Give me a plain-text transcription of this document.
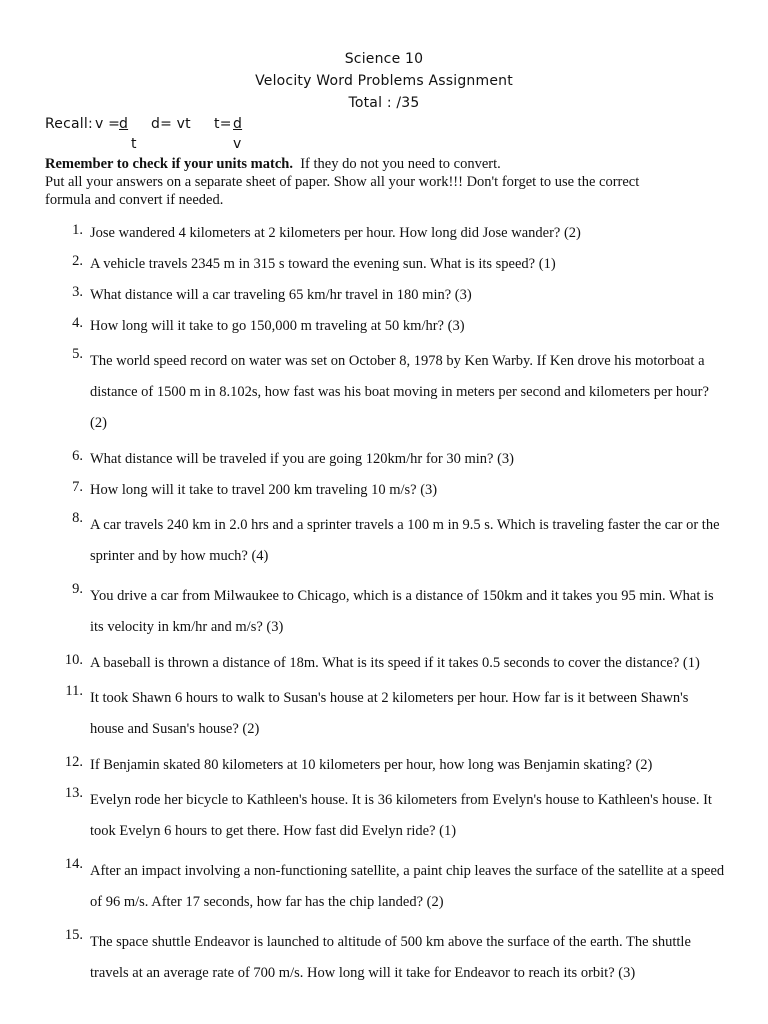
Science 10
Velocity Word Problems Assignment
Total : /35
Recall: v =
d d= vt t= d
t	v
Remember to check if your units match. If they do not you need to convert.
Put all your answers on a separate sheet of paper. Show all your work!!! Don't forget to use the correct
formula and convert if needed.
1. Jose wandered 4 kilometers at 2 kilometers per hour. How long did Jose wander? (2)
2. A vehicle travels 2345 m in 315 s toward the evening sun. What is its speed? (1)
3. What distance will a car traveling 65 km/hr travel in 180 min? (3)
4. How long will it take to go 150,000 m traveling at 50 km/hr? (3)
5. The world speed record on water was set on October 8, 1978 by Ken Warby. If Ken drove his motorboat a distance of 1500 m in 8.102s, how fast was his boat moving in meters per second and kilometers per hour? (2)
6. What distance will be traveled if you are going 120km/hr for 30 min? (3)
7. How long will it take to travel 200 km traveling 10 m/s? (3)
8. A car travels 240 km in 2.0 hrs and a sprinter travels a 100 m in 9.5 s. Which is traveling faster the car or the sprinter and by how much? (4)
9. You drive a car from Milwaukee to Chicago, which is a distance of 150km and it takes you 95 min. What is its velocity in km/hr and m/s? (3)
10. A baseball is thrown a distance of 18m. What is its speed if it takes 0.5 seconds to cover the distance? (1)
11. It took Shawn 6 hours to walk to Susan's house at 2 kilometers per hour. How far is it between Shawn's house and Susan's house? (2)
12. If Benjamin skated 80 kilometers at 10 kilometers per hour, how long was Benjamin skating? (2)
13. Evelyn rode her bicycle to Kathleen's house. It is 36 kilometers from Evelyn's house to Kathleen's house. It took Evelyn 6 hours to get there. How fast did Evelyn ride? (1)
14. After an impact involving a non-functioning satellite, a paint chip leaves the surface of the satellite at a speed of 96 m/s. After 17 seconds, how far has the chip landed? (2)
15. The space shuttle Endeavor is launched to altitude of 500 km above the surface of the earth. The shuttle travels at an average rate of 700 m/s. How long will it take for Endeavor to reach its orbit? (3)
